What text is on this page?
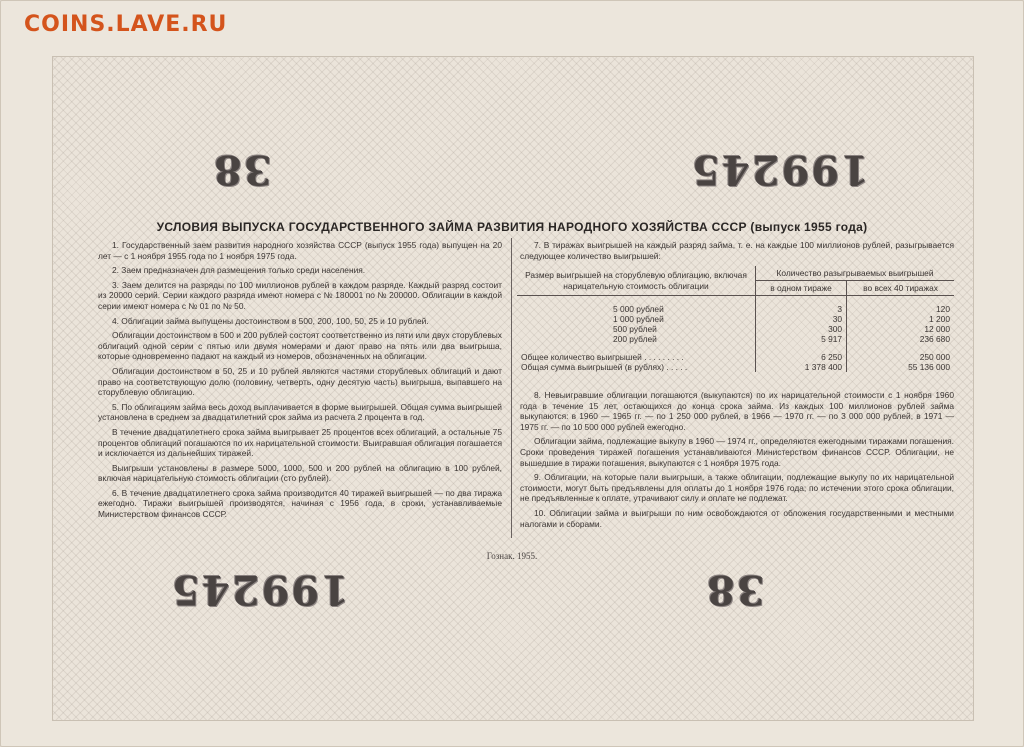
COINS.LAVE.RU
38	199245
УСЛОВИЯ ВЫПУСКА ГОСУДАРСТВЕННОГО ЗАЙМА РАЗВИТИЯ НАРОДНОГО ХОЗЯЙСТВА СССР (выпуск 1955 года)

1. Государственный заем развития народного хозяйства СССР (выпуск 1955 года) выпущен на 20 лет — с 1 ноября 1955 года по 1 ноября 1975 года.

2. Заем предназначен для размещения только среди населения.

3. Заем делится на разряды по 100 миллионов рублей в каждом разряде. Каждый разряд состоит из 20000 серий. Серии каждого разряда имеют номера с № 180001 по № 200000. Облигации в каждой серии имеют номера с № 01 по № 50.

4. Облигации займа выпущены достоинством в 500, 200, 100, 50, 25 и 10 рублей.

Облигации достоинством в 500 и 200 рублей состоят соответственно из пяти или двух сторублевых облигаций одной серии с пятью или двумя номерами и дают право на пять или два выигрыша, которые одновременно падают на каждый из номеров, обозначенных на облигации.

Облигации достоинством в 50, 25 и 10 рублей являются частями сторублевых облигаций и дают право на соответствующую долю (половину, четверть, одну десятую часть) выигрыша, выпавшего на сторублевую облигацию.

5. По облигациям займа весь доход выплачивается в форме выигрышей. Общая сумма выигрышей установлена в среднем за двадцатилетний срок займа из расчета 2 процента в год.

В течение двадцатилетнего срока займа выигрывает 25 процентов всех облигаций, а остальные 75 процентов облигаций погашаются по их нарицательной стоимости. Выигравшая облигация погашается и исключается из дальнейших тиражей.

Выигрыши установлены в размере 5000, 1000, 500 и 200 рублей на облигацию в 100 рублей, включая нарицательную стоимость облигации (сто рублей).

6. В течение двадцатилетнего срока займа производится 40 тиражей выигрышей — по два тиража ежегодно. Тиражи выигрышей производятся, начиная с 1956 года, в сроки, устанавливаемые Министерством финансов СССР.

7. В тиражах выигрышей на каждый разряд займа, т. е. на каждые 100 миллионов рублей, разыгрывается следующее количество выигрышей:
Размер выигрышей на сторублевую облигацию, включая нарицательную стоимость облигации	Количество разыгрываемых выигрышей	
	в одном тираже	во всех 40 тиражах

5 000 рублей	3	120
1 000 рублей	30	1 200
500 рублей	300	12 000
200 рублей	5 917	236 680

Общее количество выигрышей . . . . . . . . .	6 250	250 000
Общая сумма выигрышей (в рублях) . . . . .	1 378 400	55 136 000

8. Невыигравшие облигации погашаются (выкупаются) по их нарицательной стоимости с 1 ноября 1960 года в течение 15 лет, остающихся до конца срока займа. Из каждых 100 миллионов рублей займа выкупаются: в 1960 — 1965 гг. — по 1 250 000 рублей, в 1966 — 1970 гг. — по 3 000 000 рублей, в 1971 — 1975 гг. — по 10 500 000 рублей ежегодно.

Облигации займа, подлежащие выкупу в 1960 — 1974 гг., определяются ежегодными тиражами погашения. Сроки проведения тиражей погашения устанавливаются Министерством финансов СССР. Облигации, не вышедшие в тиражи погашения, выкупаются с 1 ноября 1975 года.

9. Облигации, на которые пали выигрыши, а также облигации, подлежащие выкупу по их нарицательной стоимости, могут быть предъявлены для оплаты до 1 ноября 1976 года; по истечении этого срока облигации, не предъявленные к оплате, утрачивают силу и оплате не подлежат.

10. Облигации займа и выигрыши по ним освобождаются от обложения государственными и местными налогами и сборами.

Гознак. 1955.
199245	38
